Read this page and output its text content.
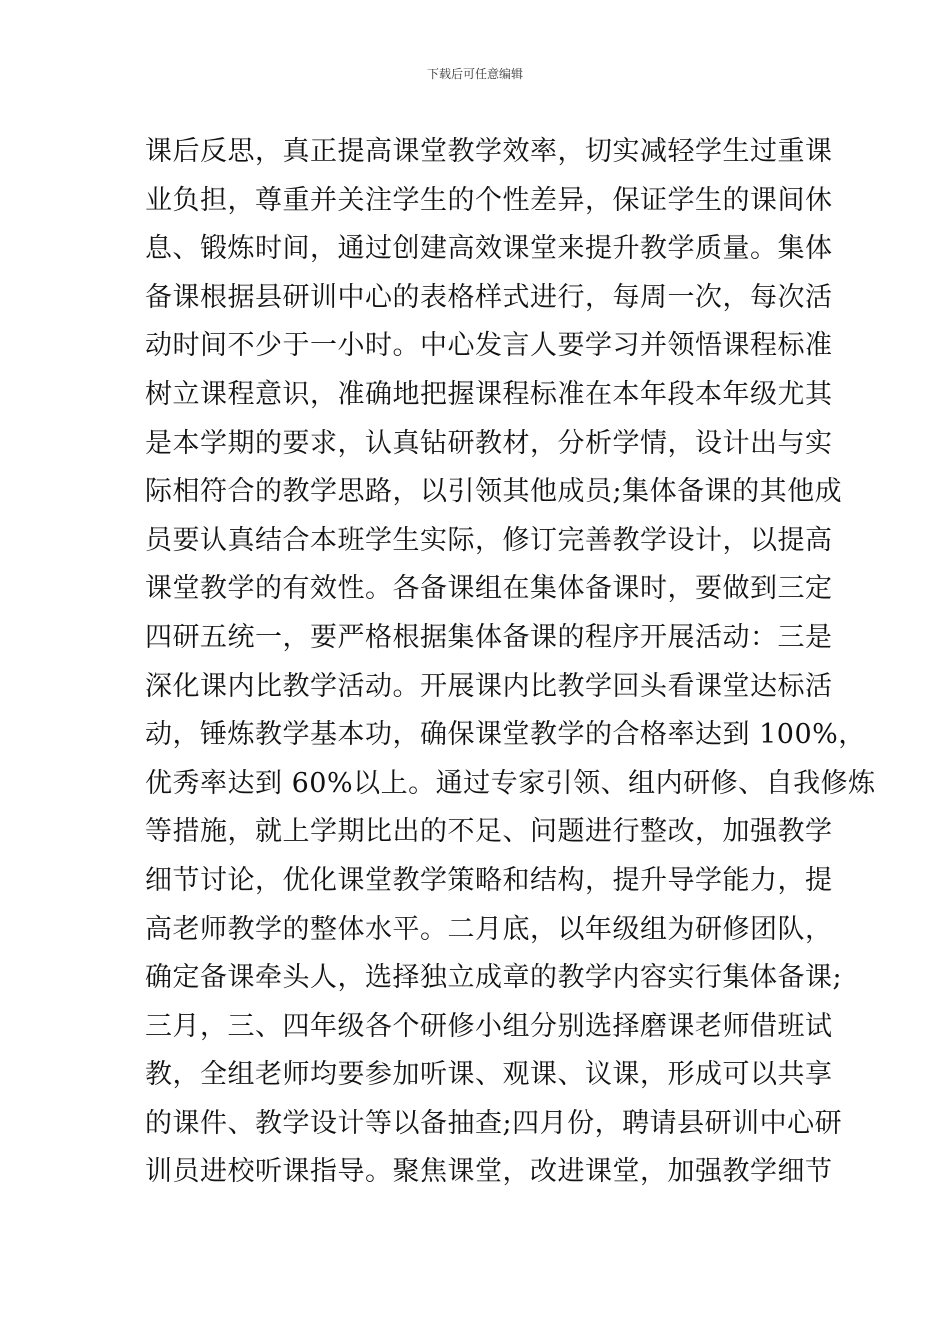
下载后可任意编辑
课后反思，真正提高课堂教学效率，切实减轻学生过重课
业负担，尊重并关注学生的个性差异，保证学生的课间休
息、锻炼时间，通过创建高效课堂来提升教学质量。集体
备课根据县研训中心的表格样式进行，每周一次，每次活
动时间不少于一小时。中心发言人要学习并领悟课程标准
树立课程意识，准确地把握课程标准在本年段本年级尤其
是本学期的要求，认真钻研教材，分析学情，设计出与实
际相符合的教学思路，以引领其他成员;集体备课的其他成
员要认真结合本班学生实际，修订完善教学设计，以提高
课堂教学的有效性。各备课组在集体备课时，要做到三定
四研五统一，要严格根据集体备课的程序开展活动：三是
深化课内比教学活动。开展课内比教学回头看课堂达标活
动，锤炼教学基本功，确保课堂教学的合格率达到 100%，
优秀率达到 60%以上。通过专家引领、组内研修、自我修炼
等措施，就上学期比出的不足、问题进行整改，加强教学
细节讨论，优化课堂教学策略和结构，提升导学能力，提
高老师教学的整体水平。二月底，以年级组为研修团队，
确定备课牵头人，选择独立成章的教学内容实行集体备课;
三月，三、四年级各个研修小组分别选择磨课老师借班试
教，全组老师均要参加听课、观课、议课，形成可以共享
的课件、教学设计等以备抽查;四月份，聘请县研训中心研
训员进校听课指导。聚焦课堂，改进课堂，加强教学细节
